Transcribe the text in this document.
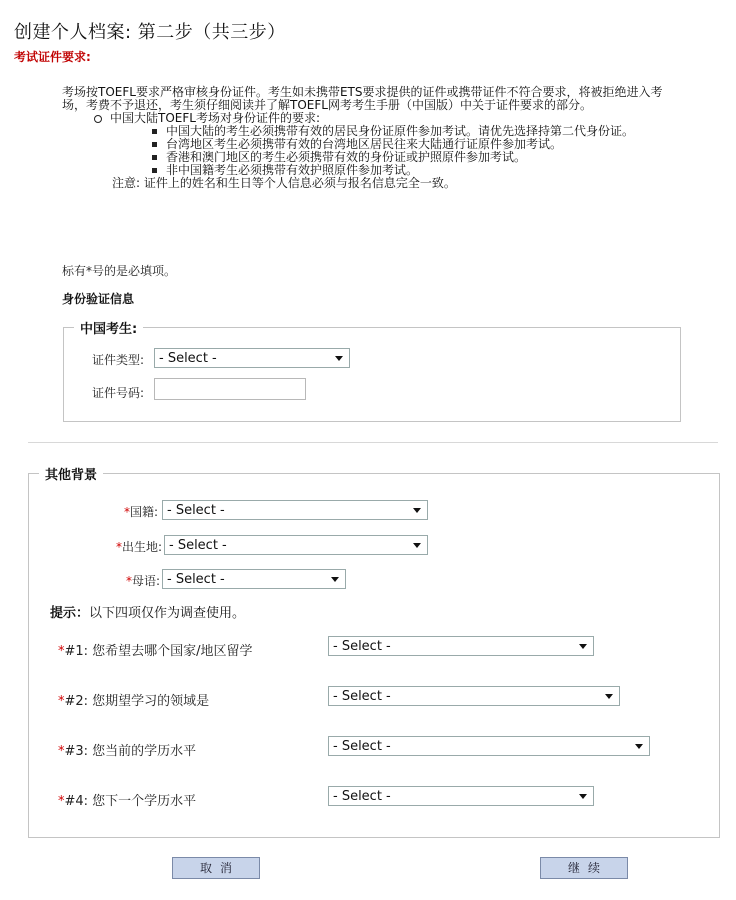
创建个人档案: 第二步（共三步）
考试证件要求:

考场按TOEFL要求严格审核身份证件。考生如未携带ETS要求提供的证件或携带证件不符合要求，将被拒绝进入考场，考费不予退还，考生须仔细阅读并了解TOEFL网考考生手册（中国版）中关于证件要求的部分。

中国大陆TOEFL考场对身份证件的要求:
中国大陆的考生必须携带有效的居民身份证原件参加考试。请优先选择持第二代身份证。
台湾地区考生必须携带有效的台湾地区居民往来大陆通行证原件参加考试。
香港和澳门地区的考生必须携带有效的身份证或护照原件参加考试。
非中国籍考生必须携带有效护照原件参加考试。
注意: 证件上的姓名和生日等个人信息必须与报名信息完全一致。
标有*号的是必填项。
身份验证信息
中国考生:
证件类型:	- Select -
证件号码:
其他背景
*国籍: - Select -
*出生地: - Select -
*母语: - Select -
提示：以下四项仅作为调查使用。
*#1: 您希望去哪个国家/地区留学	- Select -
*#2: 您期望学习的领域是	- Select -
*#3: 您当前的学历水平	- Select -
*#4: 您下一个学历水平	- Select -
取消	继续
